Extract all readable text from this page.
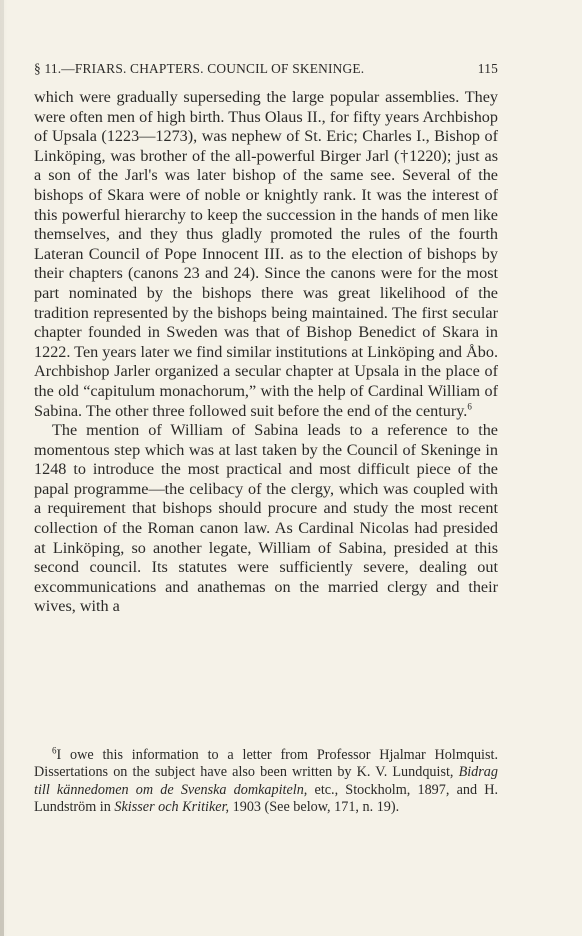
§ 11.—FRIARS. CHAPTERS. COUNCIL OF SKENINGE.	115

which were gradually superseding the large popular assemblies. They were often men of high birth. Thus Olaus II., for fifty years Archbishop of Upsala (1223—1273), was nephew of St. Eric; Charles I., Bishop of Linköping, was brother of the all-powerful Birger Jarl (†1220); just as a son of the Jarl's was later bishop of the same see. Several of the bishops of Skara were of noble or knightly rank. It was the interest of this powerful hierarchy to keep the succession in the hands of men like themselves, and they thus gladly promoted the rules of the fourth Lateran Council of Pope Innocent III. as to the election of bishops by their chapters (canons 23 and 24). Since the canons were for the most part nominated by the bishops there was great likelihood of the tradition represented by the bishops being maintained. The first secular chapter founded in Sweden was that of Bishop Benedict of Skara in 1222. Ten years later we find similar institutions at Linköping and Åbo. Archbishop Jarler organized a secular chapter at Upsala in the place of the old “capitulum monachorum,” with the help of Cardinal William of Sabina. The other three followed suit before the end of the century.$^6$

The mention of William of Sabina leads to a reference to the momentous step which was at last taken by the Council of Skeninge in 1248 to introduce the most practical and most difficult piece of the papal programme—the celibacy of the clergy, which was coupled with a requirement that bishops should procure and study the most recent collection of the Roman canon law. As Cardinal Nicolas had presided at Linköping, so another legate, William of Sabina, presided at this second council. Its statutes were sufficiently severe, dealing out excommunications and anathemas on the married clergy and their wives, with a

$^6$I owe this information to a letter from Professor Hjalmar Holmquist. Dissertations on the subject have also been written by K. V. Lundquist, Bidrag till kännedomen om de Svenska domkapiteln, etc., Stockholm, 1897, and H. Lundström in Skisser och Kritiker, 1903 (See below, 171, n. 19).
